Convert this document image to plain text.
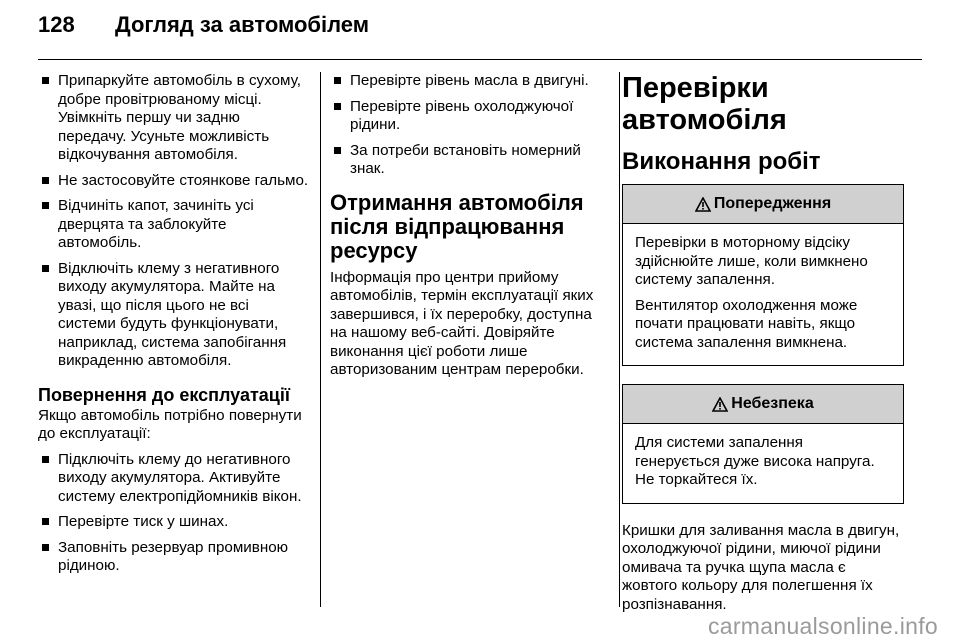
128	Догляд за автомобілем
Припаркуйте автомобіль в сухому, добре провітрюваному місці. Увімкніть першу чи задню передачу. Усуньте можливість відкочування автомобіля.
Не застосовуйте стоянкове гальмо.
Відчиніть капот, зачиніть усі дверцята та заблокуйте автомобіль.
Відключіть клему з негативного виходу акумулятора. Майте на увазі, що після цього не всі системи будуть функціонувати, наприклад, система запобігання викраденню автомобіля.
Повернення до експлуатації

Якщо автомобіль потрібно повернути до експлуатації:

Підключіть клему до негативного виходу акумулятора. Активуйте систему електропідйомників вікон.
Перевірте тиск у шинах.
Заповніть резервуар промивною рідиною.
Перевірте рівень масла в двигуні.
Перевірте рівень охолоджуючої рідини.
За потреби встановіть номерний знак.
Отримання автомобіля після відпрацювання ресурсу

Інформація про центри прийому автомобілів, термін експлуатації яких завершився, і їх переробку, доступна на нашому веб-сайті. Довіряйте виконання цієї роботи лише авторизованим центрам переробки.

Перевірки автомобіля
Виконання робіт
Попередження

Перевірки в моторному відсіку здійснюйте лише, коли вимкнено систему запалення.

Вентилятор охолодження може почати працювати навіть, якщо система запалення вимкнена.

Небезпека

Для системи запалення генерується дуже висока напруга. Не торкайтеся їх.

Кришки для заливання масла в двигун, охолоджуючої рідини, миючої рідини омивача та ручка щупа масла є жовтого кольору для полегшення їх розпізнавання.

carmanualsonline.info
